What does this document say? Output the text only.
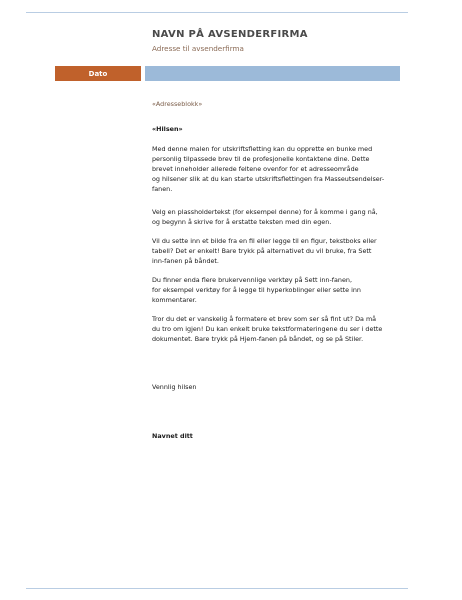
NAVN PÅ AVSENDERFIRMA
Adresse til avsenderfirma
Dato

«Adresseblokk»

«Hilsen»

Med denne malen for utskriftsfletting kan du opprette en bunke med
personlig tilpassede brev til de profesjonelle kontaktene dine. Dette
brevet inneholder allerede feltene ovenfor for et adresseområde
og hilsener slik at du kan starte utskriftsflettingen fra Masseutsendelser-
fanen.

Velg en plassholdertekst (for eksempel denne) for å komme i gang nå,
og begynn å skrive for å erstatte teksten med din egen.

Vil du sette inn et bilde fra en fil eller legge til en figur, tekstboks eller
tabell? Det er enkelt! Bare trykk på alternativet du vil bruke, fra Sett
inn-fanen på båndet.

Du finner enda flere brukervennlige verktøy på Sett inn-fanen,
for eksempel verktøy for å legge til hyperkoblinger eller sette inn
kommentarer.

Tror du det er vanskelig å formatere et brev som ser så fint ut? Da må
du tro om igjen! Du kan enkelt bruke tekstformateringene du ser i dette
dokumentet. Bare trykk på Hjem-fanen på båndet, og se på Stiler.

Vennlig hilsen

Navnet ditt
